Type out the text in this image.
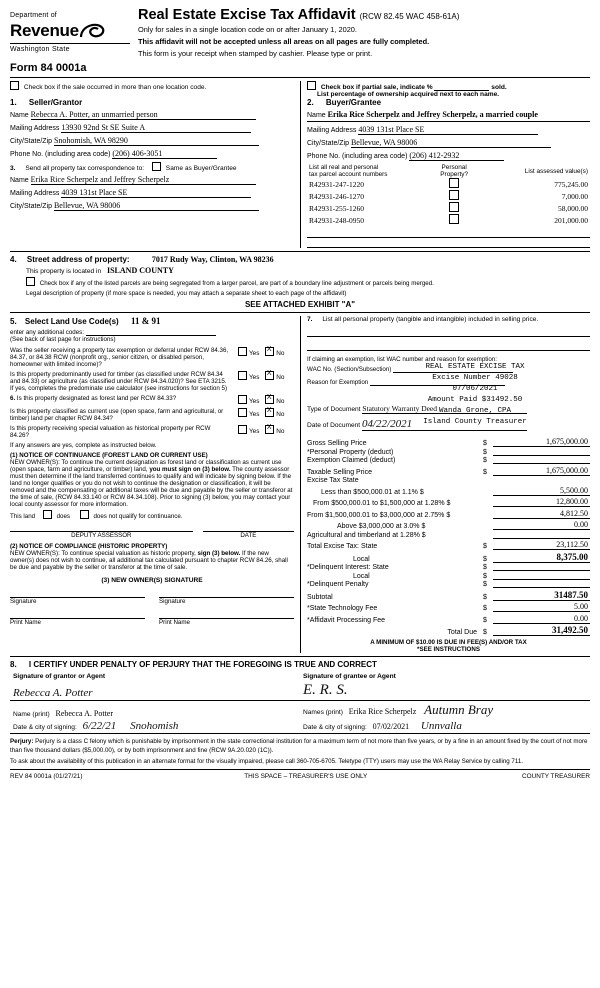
Department of
Revenue
Washington State
Real Estate Excise Tax Affidavit (RCW 82.45 WAC 458-61A)
Only for sales in a single location code on or after January 1, 2020.
This affidavit will not be accepted unless all areas on all pages are fully completed.
This form is your receipt when stamped by cashier. Please type or print.
Form 84 0001a
Check box if the sale occurred in more than one location code.	Check box if partial sale, indicate %	sold.
List percentage of ownership acquired next to each name.
1. Seller/Grantor
Name Rebecca A. Potter, an unmarried person
Mailing Address 13930 92nd St SE Suite A
City/State/Zip Snohomish, WA 98290
Phone No. (including area code) (206) 406-3051
3. Send all property tax correspondence to:	Same as Buyer/Grantee
Name Erika Rice Scherpelz and Jeffrey Scherpelz
Mailing Address 4039 131st Place SE
City/State/Zip Bellevue, WA 98006
2. Buyer/Grantee
Name Erika Rice Scherpelz and Jeffrey Scherpelz, a married couple
Mailing Address 4039 131st Place SE
City/State/Zip Bellevue, WA 98006
Phone No. (including area code) (206) 412-2932
List all real and personal
tax parcel account numbers

Personal
Property?	List assessed value(s)
R42931-247-1220		775,245.00
R42931-246-1270		7,000.00
R42931-255-1260		58,000.00
R42931-248-0950		201,000.00
4. Street address of property:	7017 Rudy Way, Clinton, WA 98236
This property is located in ISLAND COUNTY
Check box if any of the listed parcels are being segregated from a larger parcel, are part of a boundary line adjustment or parcels being merged.
Legal description of property (if more space is needed, you may attach a separate sheet to each page of the affidavit)
SEE ATTACHED EXHIBIT "A"
5. Select Land Use Code(s) 11 & 91
enter any additional codes:
(See back of last page for instructions)
Was the seller receiving a property tax exemption or deferral under RCW 84.36, 84.37, or 84.38 RCW (nonprofit org., senior citizen, or disabled person, homeowner with limited income)?
Yes X	No
Is this property predominantly used for timber (as classified under RCW 84.34 and 84.33) or agriculture (as classified under RCW 84.34.020)? See ETA 3215.
Yes X	No
If yes, completes the predominate use calculator (see instructions for section 5)
6. Is this property designated as forest land per RCW 84.33?	Yes X	No
Is this property classified as current use (open space, farm and agricultural, or timber) land per chapter RCW 84.34?
Yes X	No
Is this property receiving special valuation as historical property per RCW 84.26?
Yes X	No
If any answers are yes, complete as instructed below.
(1) NOTICE OF CONTINUANCE (FOREST LAND OR CURRENT USE)
NEW OWNER(S): To continue the current designation as forest land or classification as current use (open space, farm and agriculture, or timber) land, you must sign on (3) below. The county assessor must then determine if the land transferred continues to qualify and will indicate by signing below. If the land no longer qualifies or you do not wish to continue the designation or classification, it will be removed and the compensating or additional taxes will be due and payable by the seller or transferor at the time of sale, (RCW 84.33.140 or RCW 84.34.108). Prior to signing (3) below, you may contact your local county assessor for more information.
This land	does	does not qualify for continuance.
DEPUTY ASSESSOR	DATE
(2) NOTICE OF COMPLIANCE (HISTORIC PROPERTY)
NEW OWNER(S): To continue special valuation as historic property, sign (3) below. If the new owner(s) does not wish to continue, all additional tax calculated pursuant to chapter RCW 84.26, shall be due and payable by the seller or transferor at the time of sale.
(3) NEW OWNER(S) SIGNATURE
Signature	Signature
Print Name	Print Name
7. List all personal property (tangible and intangible) included in selling price.
If claiming an exemption, list WAC number and reason for exemption:
WAC No. (Section/Subsection)
Reason for Exemption
REAL ESTATE EXCISE TAX
Excise Number 49028
07/06/2021
Amount Paid $31492.50
Wanda Grone, CPA
Island County Treasurer
Type of Document Statutory Warranty Deed
Date of Document 04/22/2021
Gross Selling Price	$	1,675,000.00
*Personal Property (deduct)	$
Exemption Claimed (deduct)	$
Taxable Selling Price	$	1,675,000.00
Excise Tax State
Less than $500,000.01 at 1.1% $	5,500.00
From $500,000.01 to $1,500,000 at 1.28% $	12,800.00
From $1,500,000.01 to $3,000,000 at 2.75% $	4,812.50
Above $3,000,000 at 3.0% $	0.00
Agricultural and timberland at 1.28% $
Total Excise Tax: State	$	23,112.50
Local	$	8,375.00
*Delinquent Interest: State	$
Local	$
*Delinquent Penalty	$
Subtotal	$	31487.50
*State Technology Fee	$	5.00
*Affidavit Processing Fee	$	0.00
Total Due $	31,492.50
A MINIMUM OF $10.00 IS DUE IN FEE(S) AND/OR TAX
*SEE INSTRUCTIONS
8. I CERTIFY UNDER PENALTY OF PERJURY THAT THE FOREGOING IS TRUE AND CORRECT
Signature of grantor or Agent	Signature of grantee or Agent
Rebecca A. Potter	E. R. S.
Name (print) Rebecca A. Potter	Names (print) Erika Rice Scherpelz Autumn Bray
Date & city of signing: 6/22/21 Snohomish	Date & city of signing: 07/02/2021 Unnvalla
Perjury: Perjury is a class C felony which is punishable by imprisonment in the state correctional institution for a maximum term of not more than five years, or by a fine in an amount fixed by the court of not more than five thousand dollars ($5,000.00), or by both imprisonment and fine (RCW 9A.20.020 (1C)).
To ask about the availability of this publication in an alternate format for the visually impaired, please call 360-705-6705. Teletype (TTY) users may use the WA Relay Service by calling 711.
REV 84 0001a (01/27/21)	THIS SPACE – TREASURER'S USE ONLY	COUNTY TREASURER
